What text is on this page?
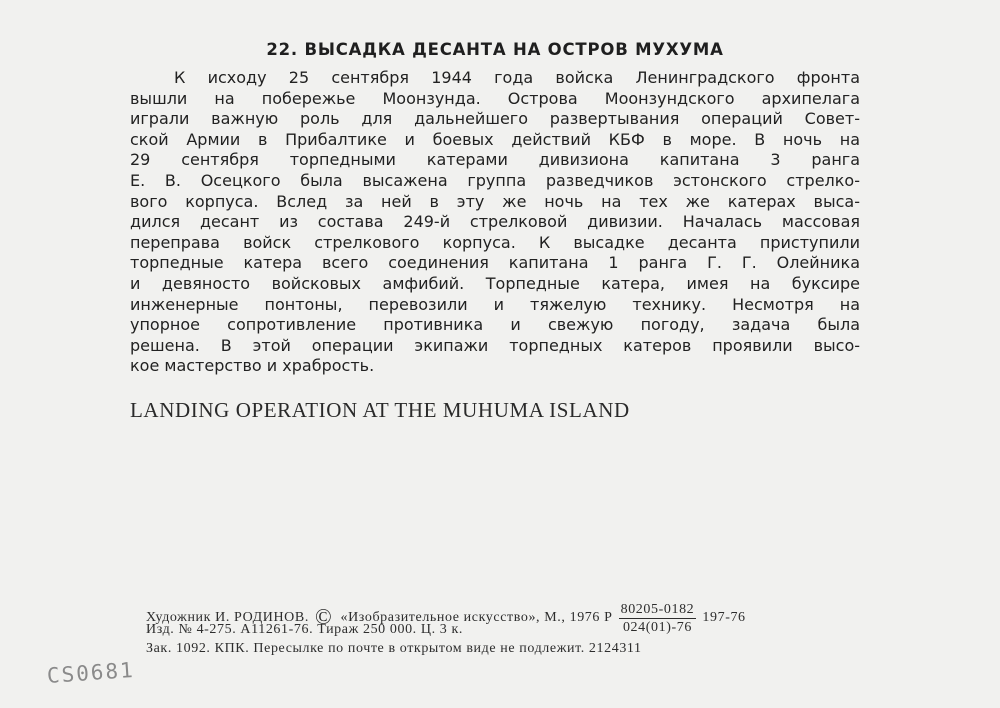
22. ВЫСАДКА ДЕСАНТА НА ОСТРОВ МУХУМА
К исходу 25 сентября 1944 года войска Ленинградского фронта
вышли на побережье Моонзунда. Острова Моонзундского архипелага
играли важную роль для дальнейшего развертывания операций Совет-
ской Армии в Прибалтике и боевых действий КБФ в море. В ночь на
29 сентября торпедными катерами дивизиона капитана 3 ранга
Е. В. Осецкого была высажена группа разведчиков эстонского стрелко-
вого корпуса. Вслед за ней в эту же ночь на тех же катерах выса-
дился десант из состава 249-й стрелковой дивизии. Началась массовая
переправа войск стрелкового корпуса. К высадке десанта приступили
торпедные катера всего соединения капитана 1 ранга Г. Г. Олейника
и девяносто войсковых амфибий. Торпедные катера, имея на буксире
инженерные понтоны, перевозили и тяжелую технику. Несмотря на
упорное сопротивление противника и свежую погоду, задача была
решена. В этой операции экипажи торпедных катеров проявили высо-
кое мастерство и храбрость.
LANDING OPERATION AT THE MUHUMA ISLAND
Художник И. РОДИНОВ. © «Изобразительное искусство», М., 1976 Р $\frac{80205-0182}{024(01)-76} 197-76$
Изд. № 4-275. А11261-76. Тираж 250 000. Ц. 3 к.
Зак. 1092. КПК. Пересылке по почте в открытом виде не подлежит. 2124311
CS0681
